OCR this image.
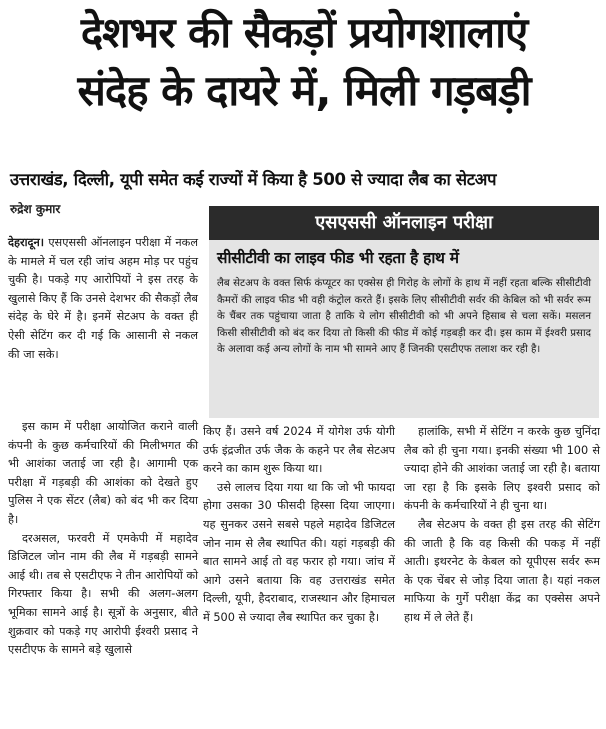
देशभर की सैकड़ों प्रयोगशालाएं
संदेह के दायरे में, मिली गड़बड़ी
उत्तराखंड, दिल्ली, यूपी समेत कई राज्यों में किया है 500 से ज्यादा लैब का सेटअप
रुद्रेश कुमार
एसएससी ऑनलाइन परीक्षा
सीसीटीवी का लाइव फीड भी रहता है हाथ में
लैब सेटअप के वक्त सिर्फ कंप्यूटर का एक्सेस ही गिरोह के लोगों के हाथ में नहीं रहता बल्कि सीसीटीवी कैमरों की लाइव फीड भी वही कंट्रोल करते हैं। इसके लिए सीसीटीवी सर्वर की केबिल को भी सर्वर रूम के चैंबर तक पहुंचाया जाता है ताकि ये लोग सीसीटीवी को भी अपने हिसाब से चला सकें। मसलन किसी सीसीटीवी को बंद कर दिया तो किसी की फीड में कोई गड़बड़ी कर दी। इस काम में ईश्वरी प्रसाद के अलावा कई अन्य लोगों के नाम भी सामने आए हैं जिनकी एसटीएफ तलाश कर रही है।

देहरादून। एसएससी ऑनलाइन परीक्षा में नकल के मामले में चल रही जांच अहम मोड़ पर पहुंच चुकी है। पकड़े गए आरोपियों ने इस तरह के खुलासे किए हैं कि उनसे देशभर की सैकड़ों लैब संदेह के घेरे में है। इनमें सेटअप के वक्त ही ऐसी सेटिंग कर दी गई कि आसानी से नकल की जा सके।

इस काम में परीक्षा आयोजित कराने वाली कंपनी के कुछ कर्मचारियों की मिलीभगत की भी आशंका जताई जा रही है। आगामी एक परीक्षा में गड़बड़ी की आशंका को देखते हुए पुलिस ने एक सेंटर (लैब) को बंद भी कर दिया है।

दरअसल, फरवरी में एमकेपी में महादेव डिजिटल जोन नाम की लैब में गड़बड़ी सामने आई थी। तब से एसटीएफ ने तीन आरोपियों को गिरफ्तार किया है। सभी की अलग-अलग भूमिका सामने आई है। सूत्रों के अनुसार, बीते शुक्रवार को पकड़े गए आरोपी ईश्वरी प्रसाद ने एसटीएफ के सामने बड़े खुलासे

किए हैं। उसने वर्ष 2024 में योगेश उर्फ योगी उर्फ इंद्रजीत उर्फ जैक के कहने पर लैब सेटअप करने का काम शुरू किया था।

उसे लालच दिया गया था कि जो भी फायदा होगा उसका 30 फीसदी हिस्सा दिया जाएगा। यह सुनकर उसने सबसे पहले महादेव डिजिटल जोन नाम से लैब स्थापित की। यहां गड़बड़ी की बात सामने आई तो वह फरार हो गया। जांच में आगे उसने बताया कि वह उत्तराखंड समेत दिल्ली, यूपी, हैदराबाद, राजस्थान और हिमाचल में 500 से ज्यादा लैब स्थापित कर चुका है।

हालांकि, सभी में सेटिंग न करके कुछ चुनिंदा लैब को ही चुना गया। इनकी संख्या भी 100 से ज्यादा होने की आशंका जताई जा रही है। बताया जा रहा है कि इसके लिए इश्वरी प्रसाद को कंपनी के कर्मचारियों ने ही चुना था।

लैब सेटअप के वक्त ही इस तरह की सेटिंग की जाती है कि वह किसी की पकड़ में नहीं आती। इथरनेट के केबल को यूपीएस सर्वर रूम के एक चेंबर से जोड़ दिया जाता है। यहां नकल माफिया के गुर्गे परीक्षा केंद्र का एक्सेस अपने हाथ में ले लेते हैं।
